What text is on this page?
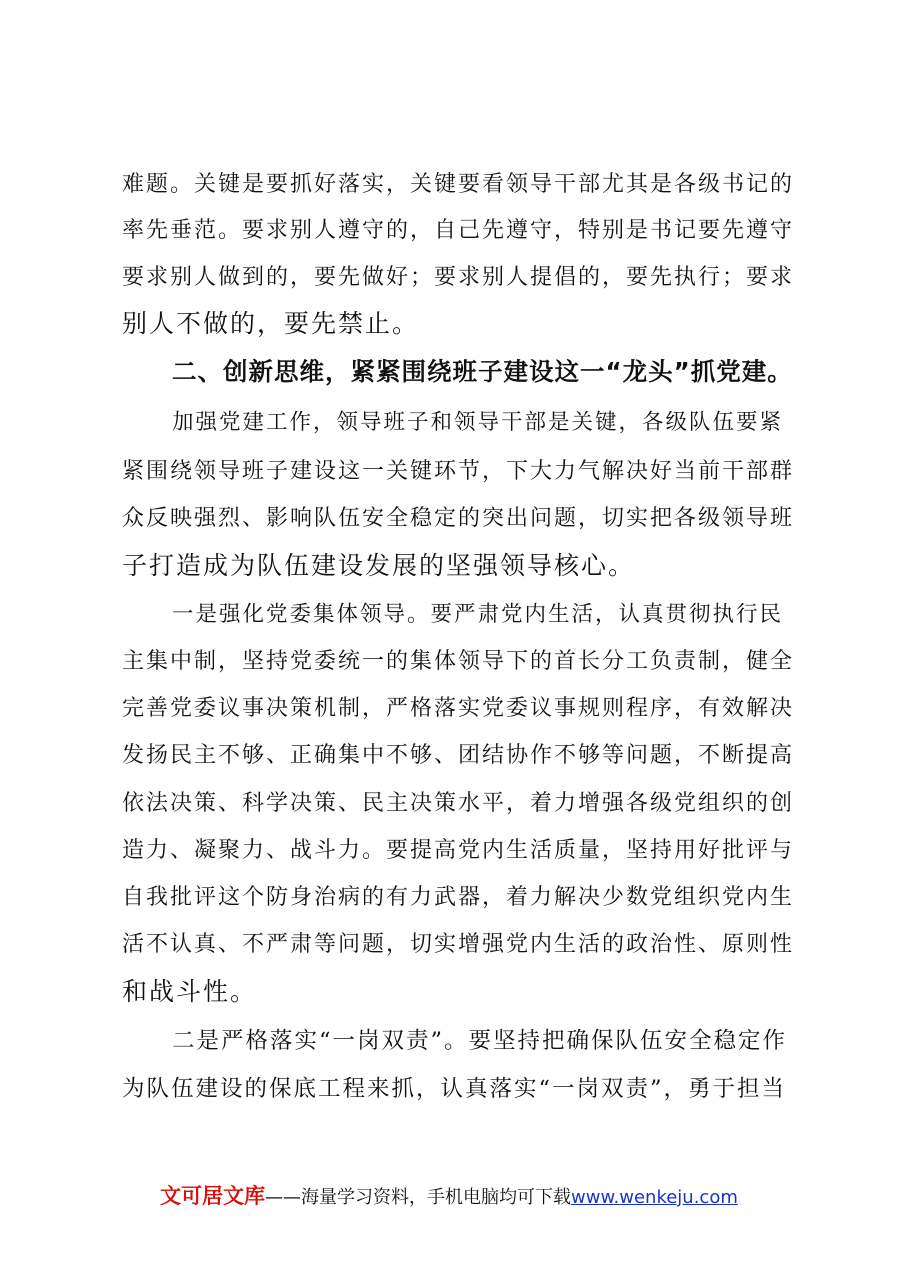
难题。关键是要抓好落实，关键要看领导干部尤其是各级书记的
率先垂范。要求别人遵守的，自己先遵守，特别是书记要先遵守
要求别人做到的，要先做好；要求别人提倡的，要先执行；要求
别人不做的，要先禁止。
二、创新思维，紧紧围绕班子建设这一“龙头”抓党建。
加强党建工作，领导班子和领导干部是关键，各级队伍要紧
紧围绕领导班子建设这一关键环节，下大力气解决好当前干部群
众反映强烈、影响队伍安全稳定的突出问题，切实把各级领导班
子打造成为队伍建设发展的坚强领导核心。
一是强化党委集体领导。要严肃党内生活，认真贯彻执行民
主集中制，坚持党委统一的集体领导下的首长分工负责制，健全
完善党委议事决策机制，严格落实党委议事规则程序，有效解决
发扬民主不够、正确集中不够、团结协作不够等问题，不断提高
依法决策、科学决策、民主决策水平，着力增强各级党组织的创
造力、凝聚力、战斗力。要提高党内生活质量，坚持用好批评与
自我批评这个防身治病的有力武器，着力解决少数党组织党内生
活不认真、不严肃等问题，切实增强党内生活的政治性、原则性
和战斗性。
二是严格落实“一岗双责”。要坚持把确保队伍安全稳定作
为队伍建设的保底工程来抓，认真落实“一岗双责”，勇于担当
文可居文库——海量学习资料，手机电脑均可下载www.wenkeju.com
